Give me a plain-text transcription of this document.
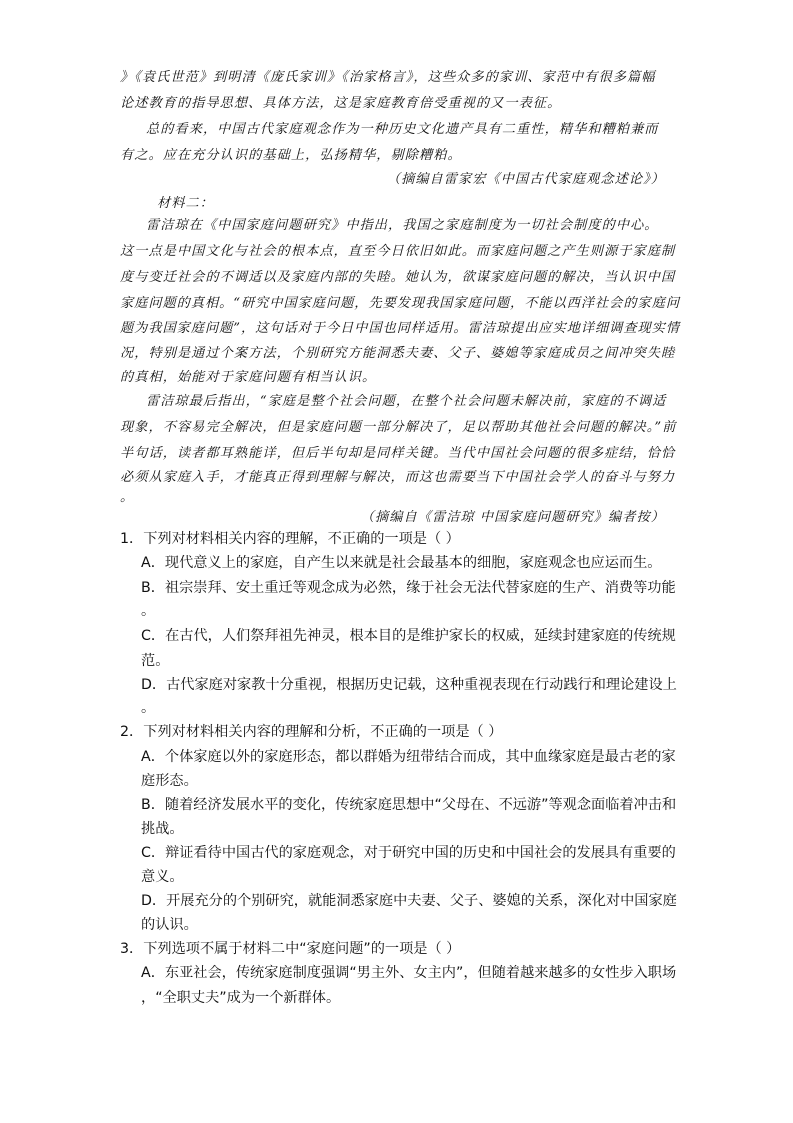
》《袁氏世范》到明清《庞氏家训》《治家格言》，这些众多的家训、家范中有很多篇幅
论述教育的指导思想、具体方法，这是家庭教育倍受重视的又一表征。
总的看来，中国古代家庭观念作为一种历史文化遗产具有二重性，精华和糟粕兼而
有之。应在充分认识的基础上，弘扬精华，剔除糟粕。
（摘编自雷家宏《中国古代家庭观念述论》）
材料二：
雷洁琼在《中国家庭问题研究》中指出，我国之家庭制度为一切社会制度的中心。
这一点是中国文化与社会的根本点，直至今日依旧如此。而家庭问题之产生则源于家庭制
度与变迁社会的不调适以及家庭内部的失睦。她认为，欲谋家庭问题的解决，当认识中国
家庭问题的真相。“研究中国家庭问题，先要发现我国家庭问题，不能以西洋社会的家庭问
题为我国家庭问题”，这句话对于今日中国也同样适用。雷洁琼提出应实地详细调查现实情
况，特别是通过个案方法，个别研究方能洞悉夫妻、父子、婆媳等家庭成员之间冲突失睦
的真相，始能对于家庭问题有相当认识。
雷洁琼最后指出，“家庭是整个社会问题，在整个社会问题未解决前，家庭的不调适
现象，不容易完全解决，但是家庭问题一部分解决了，足以帮助其他社会问题的解决。”前
半句话，读者都耳熟能详，但后半句却是同样关键。当代中国社会问题的很多症结，恰恰
必须从家庭入手，才能真正得到理解与解决，而这也需要当下中国社会学人的奋斗与努力
。
（摘编自《雷洁琼 中国家庭问题研究》编者按）
1．下列对材料相关内容的理解，不正确的一项是（ ）
A．现代意义上的家庭，自产生以来就是社会最基本的细胞，家庭观念也应运而生。
B．祖宗崇拜、安土重迁等观念成为必然，缘于社会无法代替家庭的生产、消费等功能
。
C．在古代，人们祭拜祖先神灵，根本目的是维护家长的权威，延续封建家庭的传统规
范。
D．古代家庭对家教十分重视，根据历史记载，这种重视表现在行动践行和理论建设上
。
2．下列对材料相关内容的理解和分析，不正确的一项是（ ）
A．个体家庭以外的家庭形态，都以群婚为纽带结合而成，其中血缘家庭是最古老的家
庭形态。
B．随着经济发展水平的变化，传统家庭思想中“父母在、不远游”等观念面临着冲击和
挑战。
C．辩证看待中国古代的家庭观念，对于研究中国的历史和中国社会的发展具有重要的
意义。
D．开展充分的个别研究，就能洞悉家庭中夫妻、父子、婆媳的关系，深化对中国家庭
的认识。
3．下列选项不属于材料二中“家庭问题”的一项是（ ）
A．东亚社会，传统家庭制度强调“男主外、女主内”，但随着越来越多的女性步入职场
，“全职丈夫”成为一个新群体。
